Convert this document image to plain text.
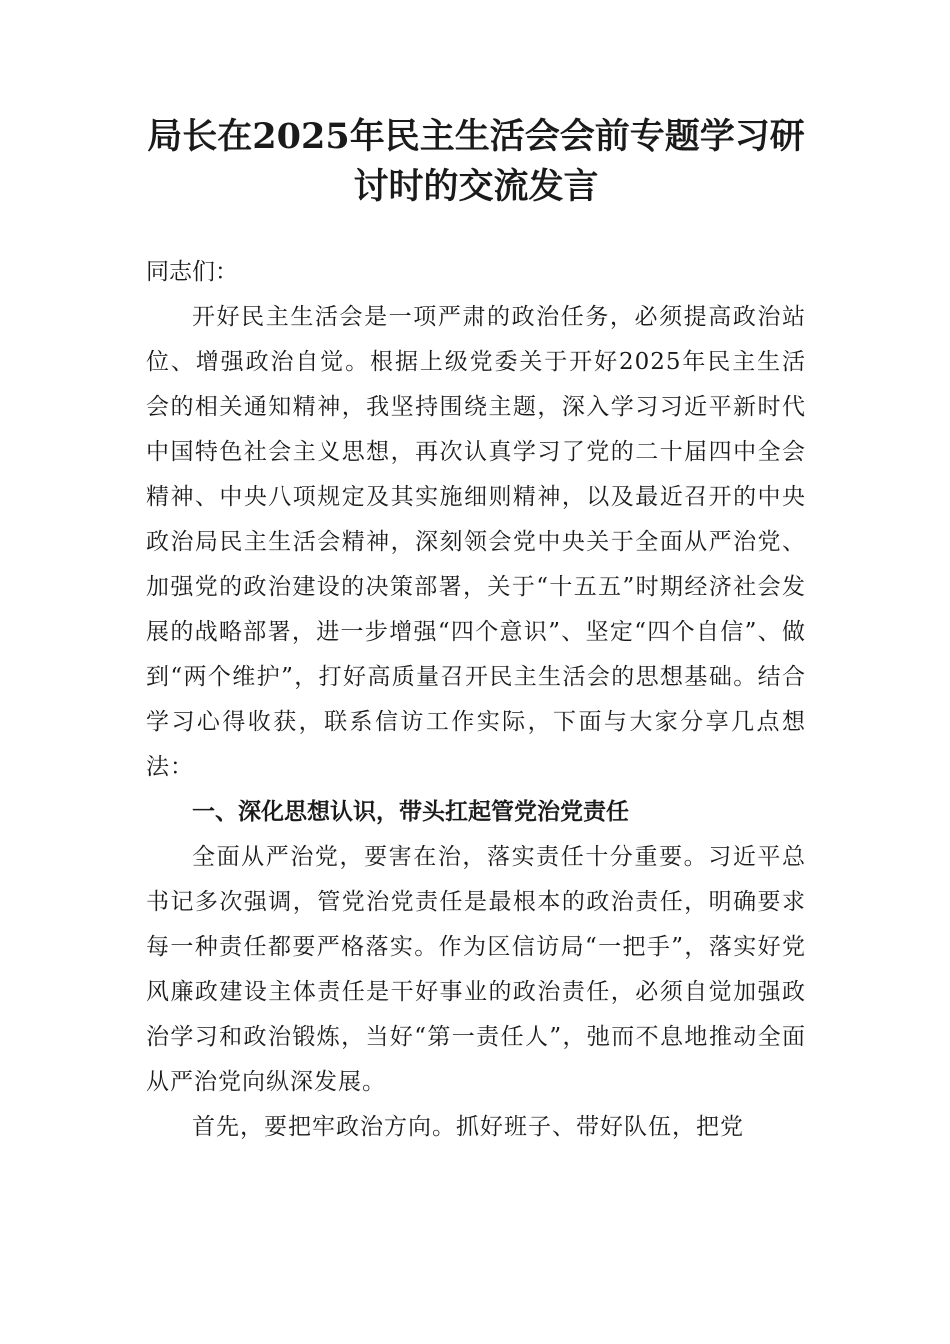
局长在2025年民主生活会会前专题学习研
讨时的交流发言
同志们：

开好民主生活会是一项严肃的政治任务，必须提高政治站位、增强政治自觉。根据上级党委关于开好2025年民主生活会的相关通知精神，我坚持围绕主题，深入学习习近平新时代中国特色社会主义思想，再次认真学习了党的二十届四中全会精神、中央八项规定及其实施细则精神，以及最近召开的中央政治局民主生活会精神，深刻领会党中央关于全面从严治党、加强党的政治建设的决策部署，关于“十五五”时期经济社会发展的战略部署，进一步增强“四个意识”、坚定“四个自信”、做到“两个维护”，打好高质量召开民主生活会的思想基础。结合学习心得收获，联系信访工作实际，下面与大家分享几点想法：

一、深化思想认识，带头扛起管党治党责任

全面从严治党，要害在治，落实责任十分重要。习近平总书记多次强调，管党治党责任是最根本的政治责任，明确要求每一种责任都要严格落实。作为区信访局“一把手”，落实好党风廉政建设主体责任是干好事业的政治责任，必须自觉加强政治学习和政治锻炼，当好“第一责任人”，弛而不息地推动全面从严治党向纵深发展。

首先，要把牢政治方向。抓好班子、带好队伍，把党
